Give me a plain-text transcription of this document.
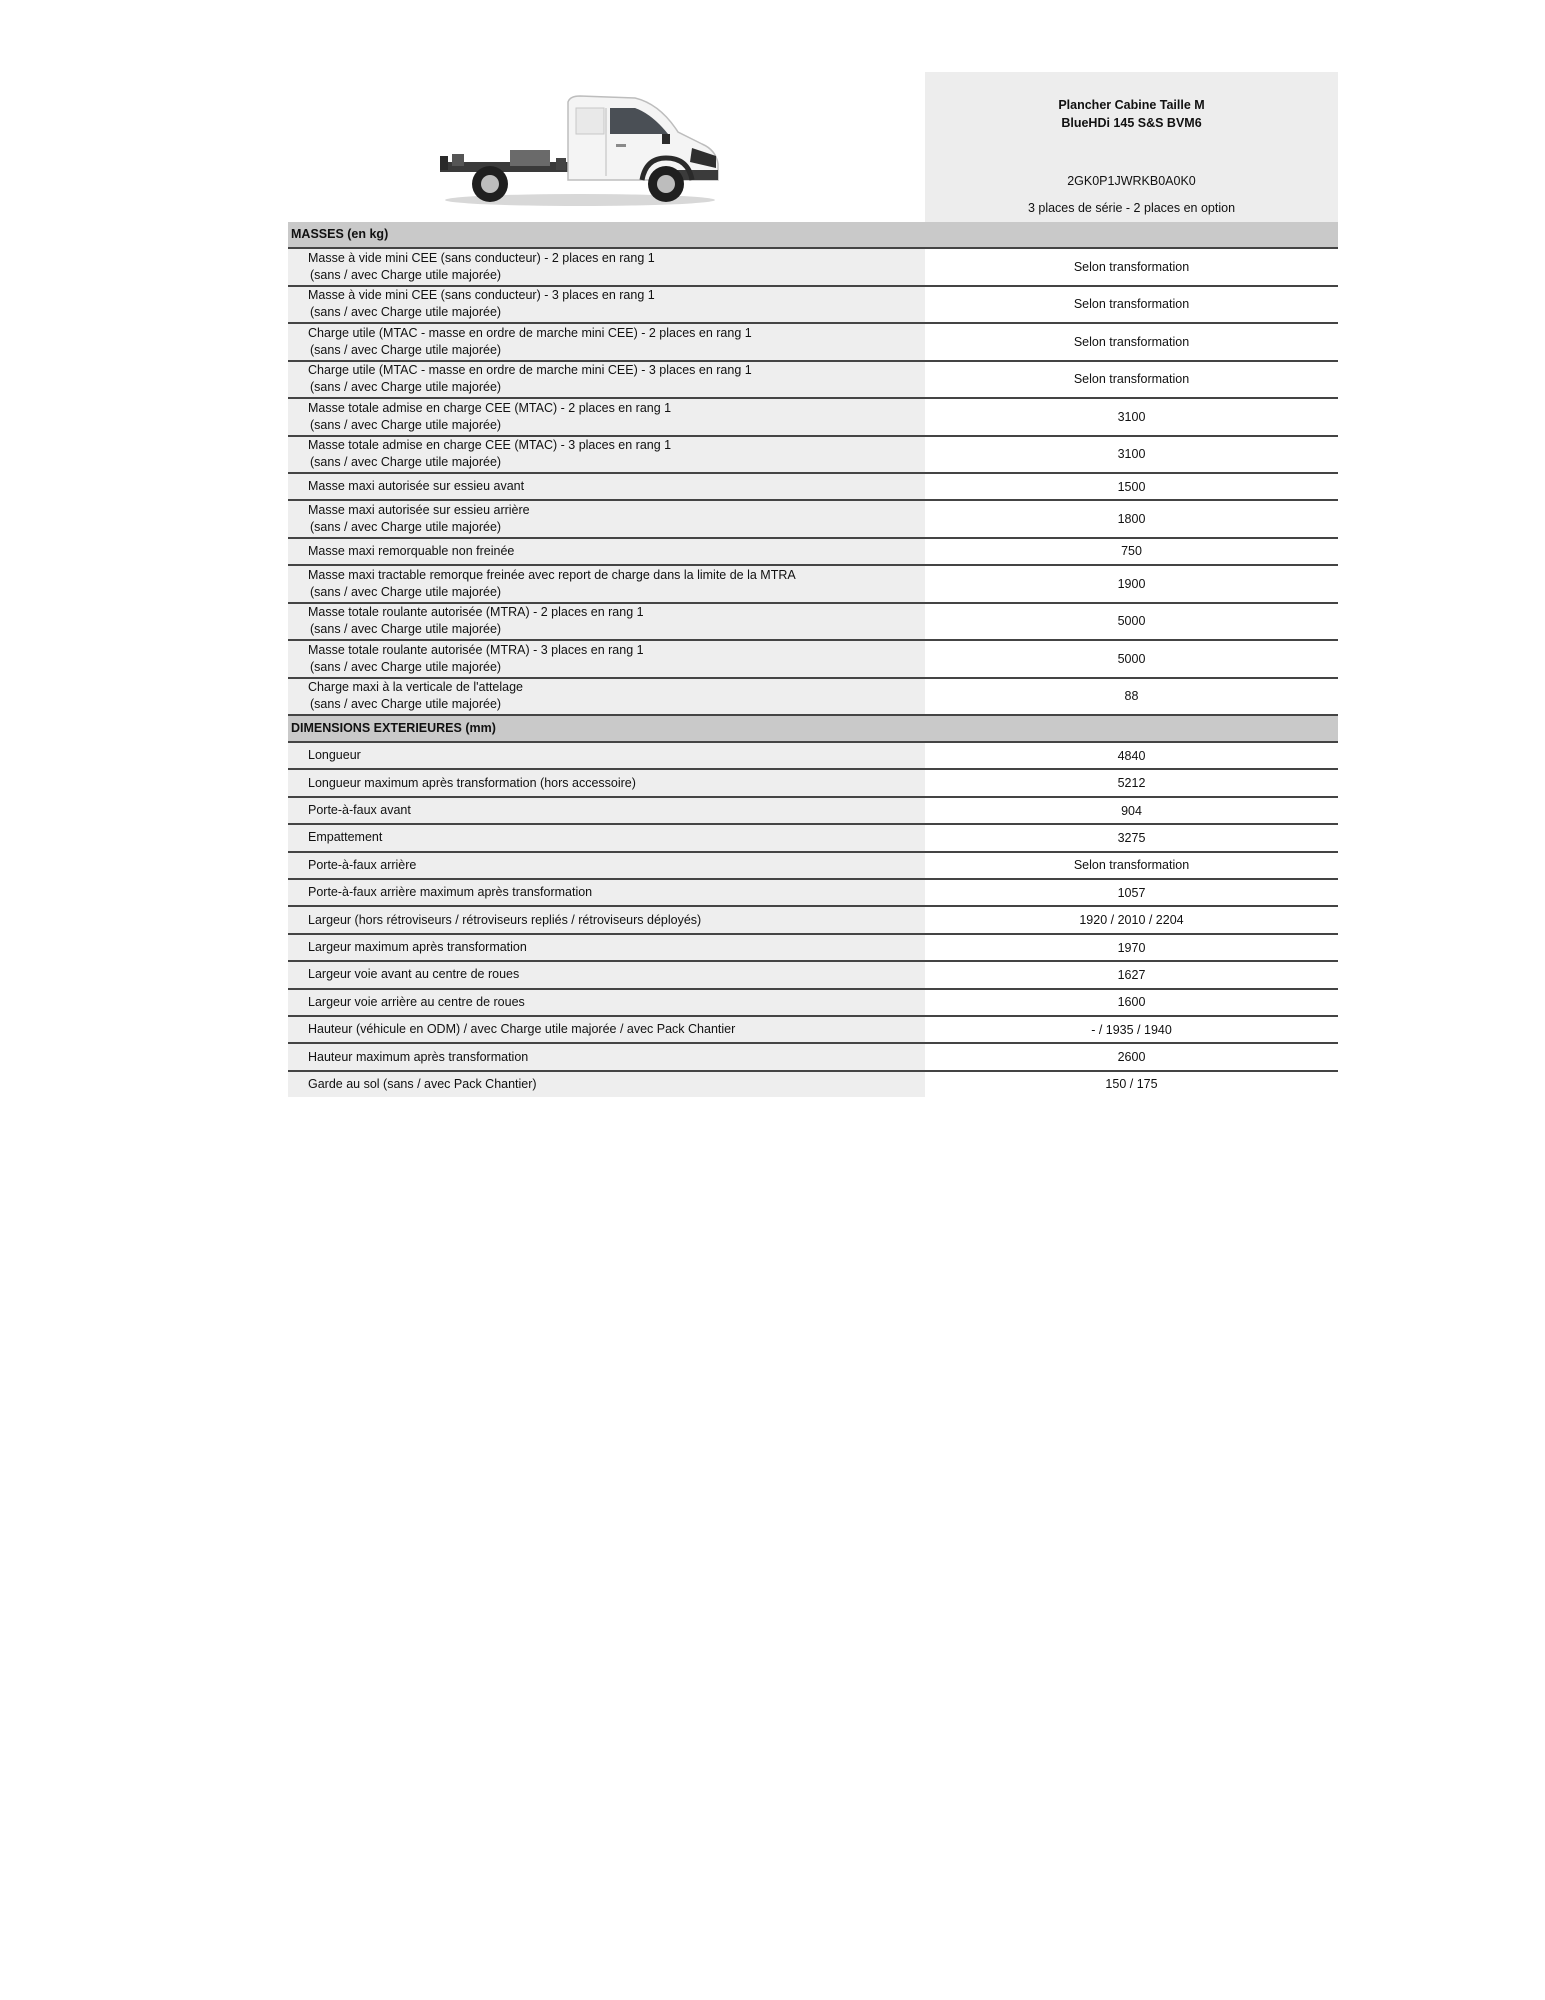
Plancher Cabine Taille M
BlueHDi 145 S&S BVM6
2GK0P1JWRKB0A0K0
3 places de série - 2 places en option
MASSES (en kg)
Masse à vide mini CEE (sans conducteur) - 2 places en rang 1
(sans / avec Charge utile majorée)
Selon transformation
Masse à vide mini CEE (sans conducteur) - 3 places en rang 1
(sans / avec Charge utile majorée)
Selon transformation
Charge utile (MTAC - masse en ordre de marche mini CEE) - 2 places en rang 1
(sans / avec Charge utile majorée)
Selon transformation
Charge utile (MTAC - masse en ordre de marche mini CEE) - 3 places en rang 1
(sans / avec Charge utile majorée)
Selon transformation
Masse totale admise en charge CEE (MTAC) - 2 places en rang 1
(sans / avec Charge utile majorée)
3100
Masse totale admise en charge CEE (MTAC) - 3 places en rang 1
(sans / avec Charge utile majorée)
3100
Masse maxi autorisée sur essieu avant	1500
Masse maxi autorisée sur essieu arrière
(sans / avec Charge utile majorée)
1800
Masse maxi remorquable non freinée	750
Masse maxi tractable remorque freinée avec report de charge dans la limite de la MTRA
(sans / avec Charge utile majorée)
1900
Masse totale roulante autorisée (MTRA) - 2 places en rang 1
(sans / avec Charge utile majorée)
5000
Masse totale roulante autorisée (MTRA) - 3 places en rang 1
(sans / avec Charge utile majorée)
5000
Charge maxi à la verticale de l'attelage
(sans / avec Charge utile majorée)
88
DIMENSIONS EXTERIEURES (mm)
Longueur	4840
Longueur maximum après transformation (hors accessoire)	5212
Porte-à-faux avant	904
Empattement	3275
Porte-à-faux arrière	Selon transformation
Porte-à-faux arrière maximum après transformation	1057
Largeur (hors rétroviseurs / rétroviseurs repliés / rétroviseurs déployés)	1920 / 2010 / 2204
Largeur maximum après transformation	1970
Largeur voie avant au centre de roues	1627
Largeur voie arrière au centre de roues	1600
Hauteur (véhicule en ODM) / avec Charge utile majorée / avec Pack Chantier	- / 1935 / 1940
Hauteur maximum après transformation	2600
Garde au sol (sans / avec Pack Chantier)	150 / 175
